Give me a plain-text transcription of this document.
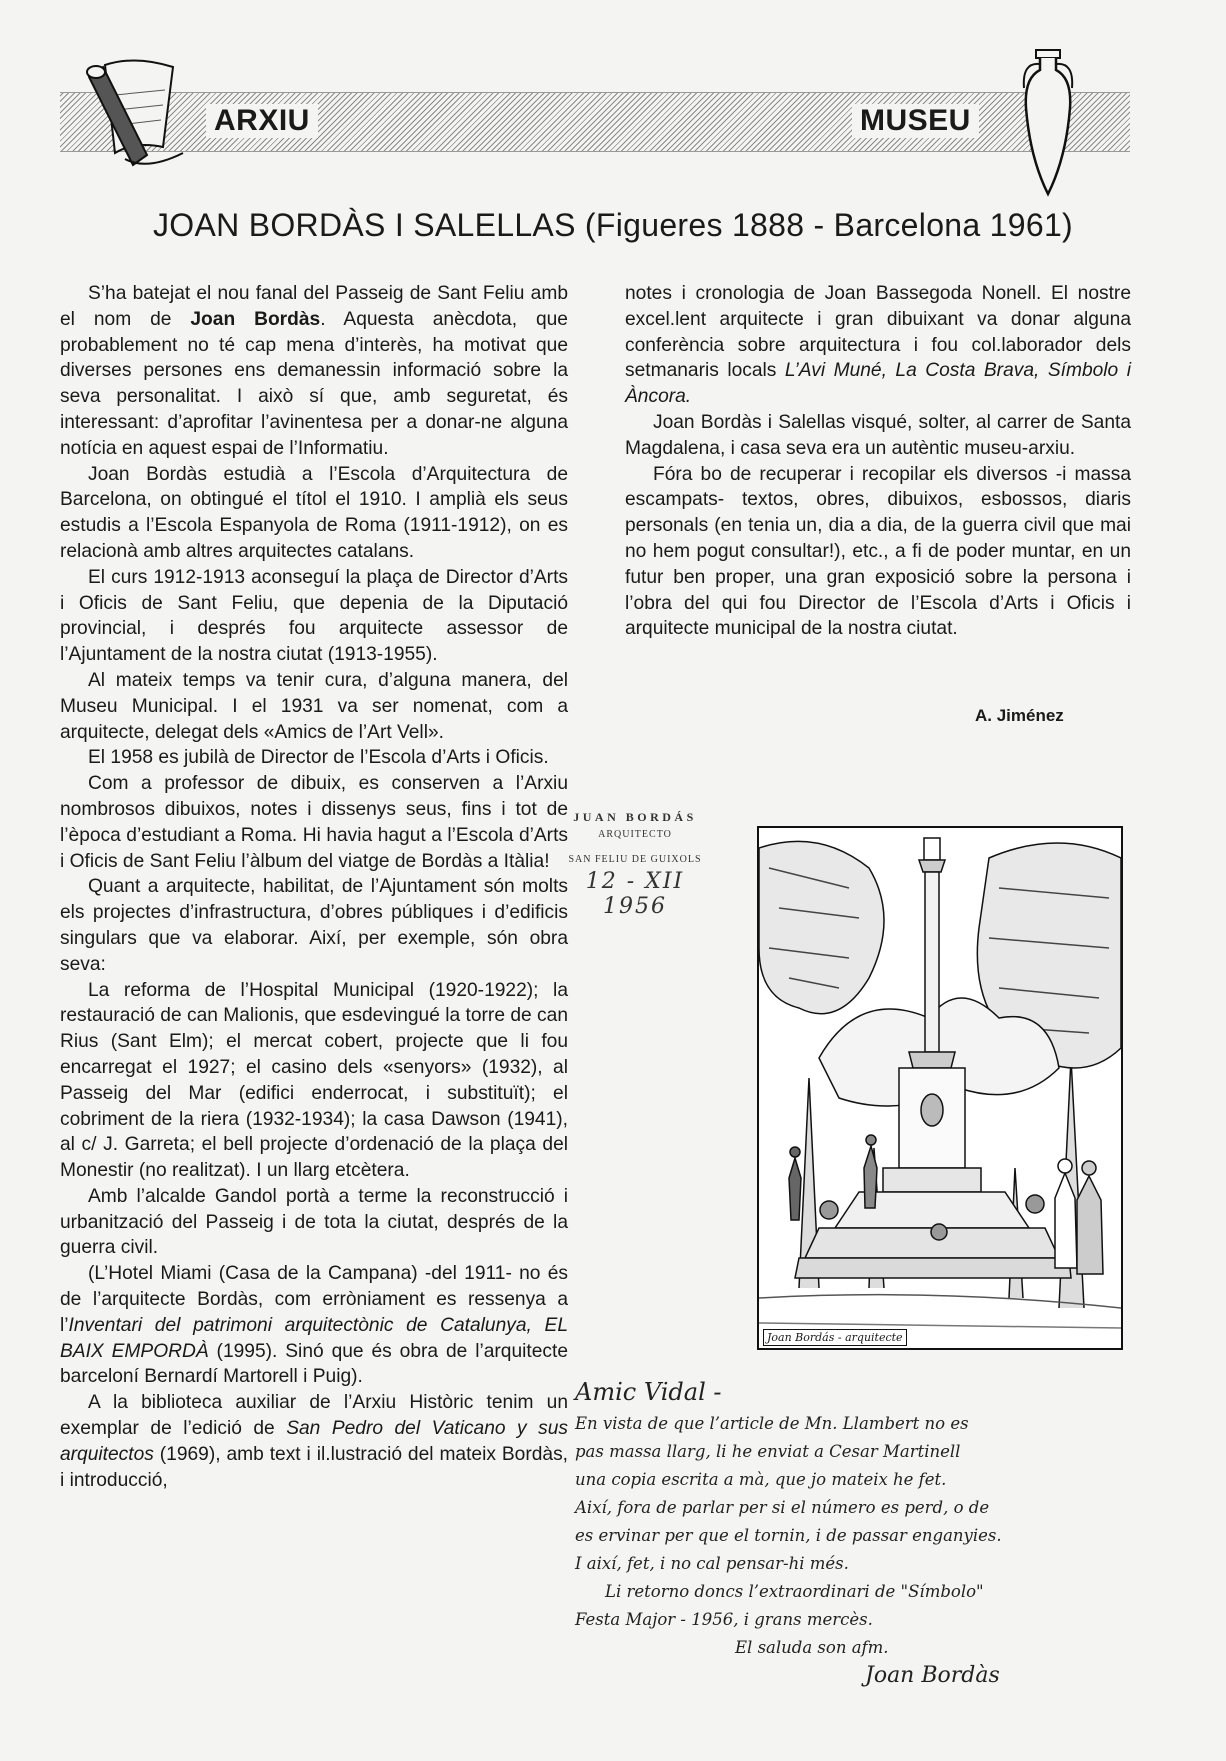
ARXIU	MUSEU
JOAN BORDÀS I SALELLAS (Figueres 1888 - Barcelona 1961)

S’ha batejat el nou fanal del Passeig de Sant Feliu amb el nom de Joan Bordàs. Aquesta anècdota, que probablement no té cap mena d’interès, ha motivat que diverses persones ens demanessin informació sobre la seva personalitat. I això sí que, amb seguretat, és interessant: d’aprofitar l’avinentesa per a donar-ne alguna notícia en aquest espai de l’Informatiu.

Joan Bordàs estudià a l’Escola d’Arquitectura de Barcelona, on obtingué el títol el 1910. I amplià els seus estudis a l’Escola Espanyola de Roma (1911-1912), on es relacionà amb altres arquitectes catalans.

El curs 1912-1913 aconseguí la plaça de Director d’Arts i Oficis de Sant Feliu, que depenia de la Diputació provincial, i després fou arquitecte assessor de l’Ajuntament de la nostra ciutat (1913-1955).

Al mateix temps va tenir cura, d’alguna manera, del Museu Municipal. I el 1931 va ser nomenat, com a arquitecte, delegat dels «Amics de l’Art Vell».

El 1958 es jubilà de Director de l’Escola d’Arts i Oficis.

Com a professor de dibuix, es conserven a l’Arxiu nombrosos dibuixos, notes i dissenys seus, fins i tot de l’època d’estudiant a Roma. Hi havia hagut a l’Escola d’Arts i Oficis de Sant Feliu l’àlbum del viatge de Bordàs a Itàlia!

Quant a arquitecte, habilitat, de l’Ajuntament són molts els projectes d’infrastructura, d’obres públiques i d’edificis singulars que va elaborar. Així, per exemple, són obra seva:

La reforma de l’Hospital Municipal (1920-1922); la restauració de can Malionis, que esdevingué la torre de can Rius (Sant Elm); el mercat cobert, projecte que li fou encarregat el 1927; el casino dels «senyors» (1932), al Passeig del Mar (edifici enderrocat, i substituït); el cobriment de la riera (1932-1934); la casa Dawson (1941), al c/ J. Garreta; el bell projecte d’ordenació de la plaça del Monestir (no realitzat). I un llarg etcètera.

Amb l’alcalde Gandol portà a terme la reconstrucció i urbanització del Passeig i de tota la ciutat, després de la guerra civil.

(L’Hotel Miami (Casa de la Campana) -del 1911- no és de l’arquitecte Bordàs, com erròniament es ressenya a l’Inventari del patrimoni arquitectònic de Catalunya, EL BAIX EMPORDÀ (1995). Sinó que és obra de l’arquitecte barceloní Bernardí Martorell i Puig).

A la biblioteca auxiliar de l’Arxiu Històric tenim un exemplar de l’edició de San Pedro del Vaticano y sus arquitectos (1969), amb text i il.lustració del mateix Bordàs, i introducció,

notes i cronologia de Joan Bassegoda Nonell. El nostre excel.lent arquitecte i gran dibuixant va donar alguna conferència sobre arquitectura i fou col.laborador dels setmanaris locals L’Avi Muné, La Costa Brava, Símbolo i Àncora.

Joan Bordàs i Salellas visqué, solter, al carrer de Santa Magdalena, i casa seva era un autèntic museu-arxiu.

Fóra bo de recuperar i recopilar els diversos -i massa escampats- textos, obres, dibuixos, esbossos, diaris personals (en tenia un, dia a dia, de la guerra civil que mai no hem pogut consultar!), etc., a fi de poder muntar, en un futur ben proper, una gran exposició sobre la persona i l’obra del qui fou Director de l’Escola d’Arts i Oficis i arquitecte municipal de la nostra ciutat.

A. Jiménez
JUAN BORDÁS
ARQUITECTO
SAN FELIU DE GUIXOLS
12 - XII 1956
Joan Bordás - arquitecte
Amic Vidal -
En vista de que l’article de Mn. Llambert no es
pas massa llarg, li he enviat a Cesar Martinell
una copia escrita a mà, que jo mateix he fet.
Així, fora de parlar per si el número es perd, o de
es ervinar per que el tornin, i de passar enganyies.
I així, fet, i no cal pensar-hi més.
Li retorno doncs l’extraordinari de "Símbolo"
Festa Major - 1956, i grans mercès.
El saluda son afm.
Joan Bordàs
